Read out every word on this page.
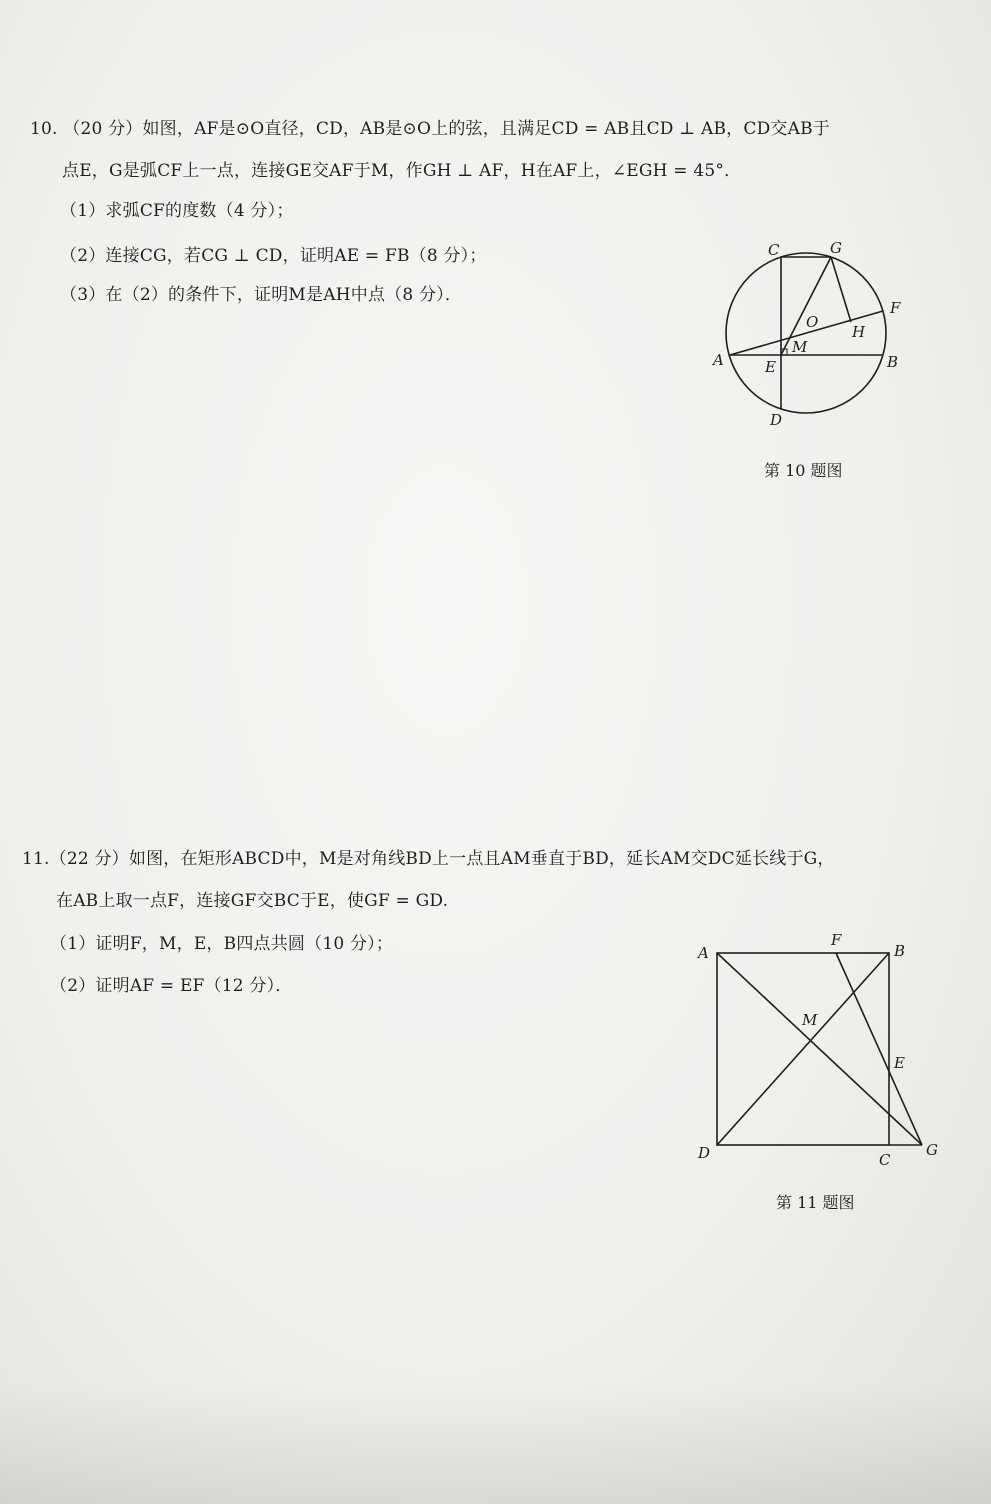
10. （20 分）如图，AF是⊙O直径，CD，AB是⊙O上的弦，且满足CD = AB且CD ⊥ AB，CD交AB于
点E，G是弧CF上一点，连接GE交AF于M，作GH ⊥ AF，H在AF上，∠EGH = 45°．
（1）求弧CF的度数（4 分）；
（2）连接CG，若CG ⊥ CD，证明AE = FB（8 分）；
（3）在（2）的条件下，证明M是AH中点（8 分）．
C	G
F
O
H
M
A	E	B
D
第 10 题图
11.（22 分）如图，在矩形ABCD中，M是对角线BD上一点且AM垂直于BD，延长AM交DC延长线于G，
在AB上取一点F，连接GF交BC于E，使GF = GD.
（1）证明F，M，E，B四点共圆（10 分）；
（2）证明AF = EF（12 分）．
A
F
B
M
E
D	C
G
第 11 题图
